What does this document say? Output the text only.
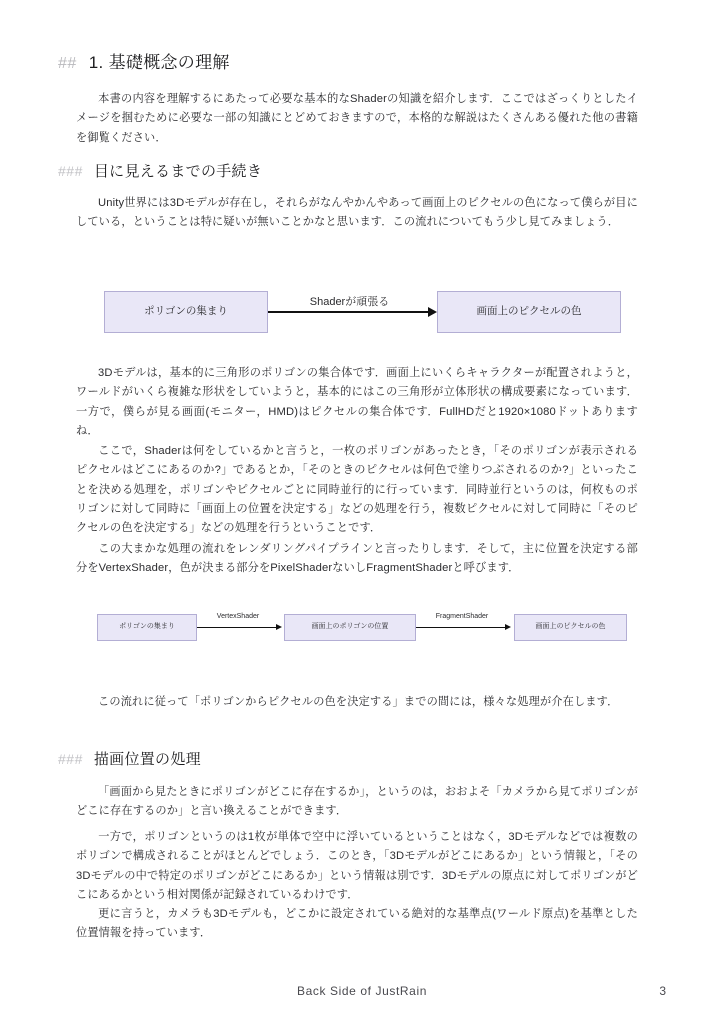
## 1. 基礎概念の理解

本書の内容を理解するにあたって必要な基本的なShaderの知識を紹介します．ここではざっくりとしたイメージを掴むために必要な一部の知識にとどめておきますので，本格的な解説はたくさんある優れた他の書籍を御覧ください．

### 目に見えるまでの手続き

Unity世界には3Dモデルが存在し，それらがなんやかんやあって画面上のピクセルの色になって僕らが目にしている，ということは特に疑いが無いことかなと思います．この流れについてもう少し見てみましょう．

ポリゴンの集まり
Shaderが頑張る
画面上のピクセルの色

3Dモデルは，基本的に三角形のポリゴンの集合体です．画面上にいくらキャラクターが配置されようと，ワールドがいくら複雑な形状をしていようと，基本的にはこの三角形が立体形状の構成要素になっています．一方で，僕らが見る画面(モニター，HMD)はピクセルの集合体です．FullHDだと1920×1080ドットありますね．

ここで，Shaderは何をしているかと言うと，一枚のポリゴンがあったとき，「そのポリゴンが表示されるピクセルはどこにあるのか?」であるとか，「そのときのピクセルは何色で塗りつぶされるのか?」といったことを決める処理を，ポリゴンやピクセルごとに同時並行的に行っています．同時並行というのは，何枚ものポリゴンに対して同時に「画面上の位置を決定する」などの処理を行う，複数ピクセルに対して同時に「そのピクセルの色を決定する」などの処理を行うということです．

この大まかな処理の流れをレンダリングパイプラインと言ったりします．そして，主に位置を決定する部分をVertexShader，色が決まる部分をPixelShaderないしFragmentShaderと呼びます．

ポリゴンの集まり
VertexShader
画面上のポリゴンの位置
FragmentShader
画面上のピクセルの色

この流れに従って「ポリゴンからピクセルの色を決定する」までの間には，様々な処理が介在します．

### 描画位置の処理

「画面から見たときにポリゴンがどこに存在するか」，というのは，おおよそ「カメラから見てポリゴンがどこに存在するのか」と言い換えることができます．

一方で，ポリゴンというのは1枚が単体で空中に浮いているということはなく，3Dモデルなどでは複数のポリゴンで構成されることがほとんどでしょう．このとき，「3Dモデルがどこにあるか」という情報と，「その3Dモデルの中で特定のポリゴンがどこにあるか」という情報は別です．3Dモデルの原点に対してポリゴンがどこにあるかという相対関係が記録されているわけです．

更に言うと，カメラも3Dモデルも，どこかに設定されている絶対的な基準点(ワールド原点)を基準とした位置情報を持っています．

Back Side of JustRain	3
